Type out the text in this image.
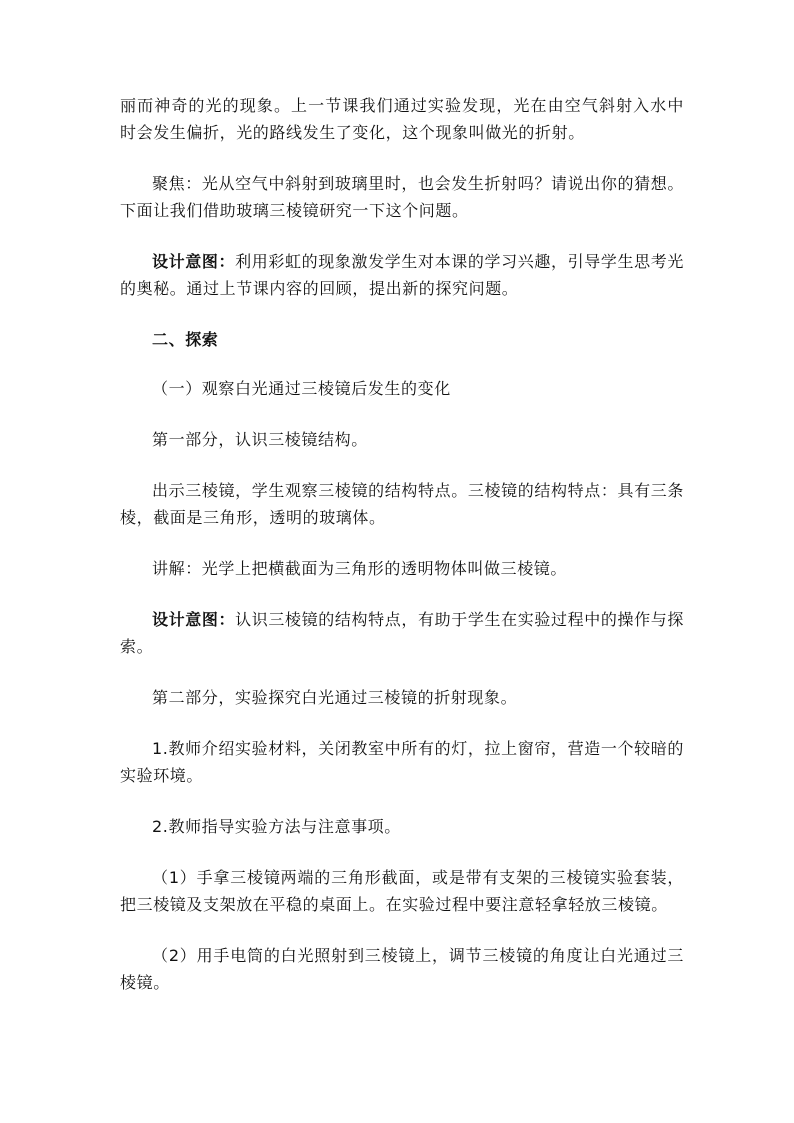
丽而神奇的光的现象。上一节课我们通过实验发现，光在由空气斜射入水中时会发生偏折，光的路线发生了变化，这个现象叫做光的折射。

聚焦：光从空气中斜射到玻璃里时，也会发生折射吗？请说出你的猜想。下面让我们借助玻璃三棱镜研究一下这个问题。

设计意图：利用彩虹的现象激发学生对本课的学习兴趣，引导学生思考光的奥秘。通过上节课内容的回顾，提出新的探究问题。

二、探索

（一）观察白光通过三棱镜后发生的变化

第一部分，认识三棱镜结构。

出示三棱镜，学生观察三棱镜的结构特点。三棱镜的结构特点：具有三条棱，截面是三角形，透明的玻璃体。

讲解：光学上把横截面为三角形的透明物体叫做三棱镜。

设计意图：认识三棱镜的结构特点，有助于学生在实验过程中的操作与探索。

第二部分，实验探究白光通过三棱镜的折射现象。

1.教师介绍实验材料，关闭教室中所有的灯，拉上窗帘，营造一个较暗的实验环境。

2.教师指导实验方法与注意事项。

（1）手拿三棱镜两端的三角形截面，或是带有支架的三棱镜实验套装，把三棱镜及支架放在平稳的桌面上。在实验过程中要注意轻拿轻放三棱镜。

（2）用手电筒的白光照射到三棱镜上，调节三棱镜的角度让白光通过三棱镜。
